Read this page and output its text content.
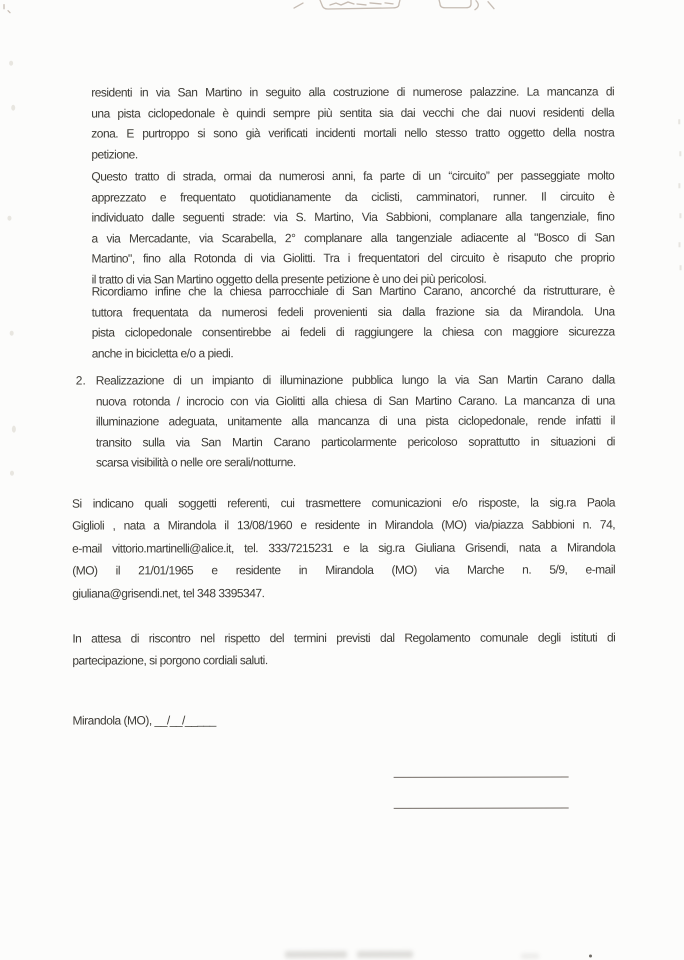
residenti in via San Martino in seguito alla costruzione di numerose palazzine. La mancanza di
una pista ciclopedonale è quindi sempre più sentita sia dai vecchi che dai nuovi residenti della
zona. E purtroppo si sono già verificati incidenti mortali nello stesso tratto oggetto della nostra
petizione.
Questo tratto di strada, ormai da numerosi anni, fa parte di un “circuito” per passeggiate molto
apprezzato e frequentato quotidianamente da ciclisti, camminatori, runner. Il circuito è
individuato dalle seguenti strade: via S. Martino, Via Sabbioni, complanare alla tangenziale, fino
a via Mercadante, via Scarabella, 2° complanare alla tangenziale adiacente al "Bosco di San
Martino", fino alla Rotonda di via Giolitti. Tra i frequentatori del circuito è risaputo che proprio
il tratto di via San Martino oggetto della presente petizione è uno dei più pericolosi.
Ricordiamo infine che la chiesa parrocchiale di San Martino Carano, ancorché da ristrutturare, è
tuttora frequentata da numerosi fedeli provenienti sia dalla frazione sia da Mirandola. Una
pista ciclopedonale consentirebbe ai fedeli di raggiungere la chiesa con maggiore sicurezza
anche in bicicletta e/o a piedi.
2. Realizzazione di un impianto di illuminazione pubblica lungo la via San Martin Carano dalla
nuova rotonda / incrocio con via Giolitti alla chiesa di San Martino Carano. La mancanza di una
illuminazione adeguata, unitamente alla mancanza di una pista ciclopedonale, rende infatti il
transito sulla via San Martin Carano particolarmente pericoloso soprattutto in situazioni di
scarsa visibilità o nelle ore serali/notturne.
Si indicano quali soggetti referenti, cui trasmettere comunicazioni e/o risposte, la sig.ra Paola
Giglioli , nata a Mirandola il 13/08/1960 e residente in Mirandola (MO) via/piazza Sabbioni n. 74,
e-mail vittorio.martinelli@alice.it, tel. 333/7215231 e la sig.ra Giuliana Grisendi, nata a Mirandola
(MO) il 21/01/1965 e residente in Mirandola (MO) via Marche n. 5/9, e-mail
giuliana@grisendi.net, tel 348 3395347.
In attesa di riscontro nel rispetto del termini previsti dal Regolamento comunale degli istituti di
partecipazione, si porgono cordiali saluti.
Mirandola (MO), __/__/_____
